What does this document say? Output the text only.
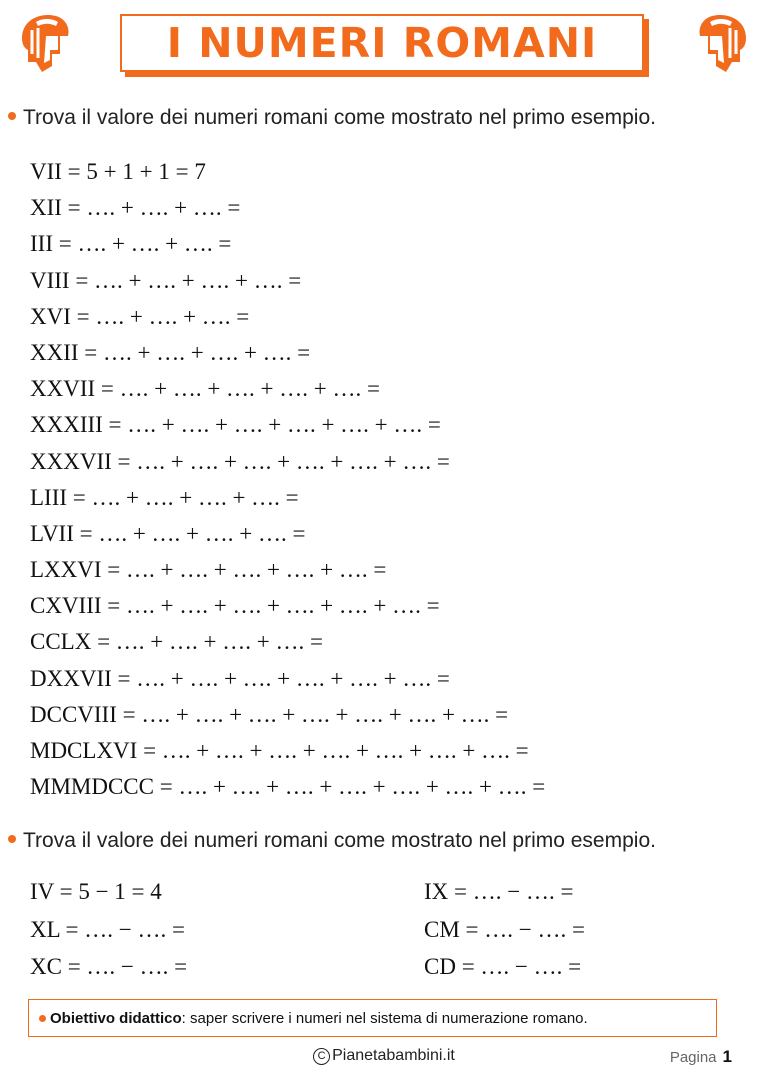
I NUMERI ROMANI
Trova il valore dei numeri romani come mostrato nel primo esempio.
VII = 5 + 1 + 1 = 7
XII = …. + …. + …. =
III = …. + …. + …. =
VIII = …. + …. + …. + …. =
XVI = …. + …. + …. =
XXII = …. + …. + …. + …. =
XXVII = …. + …. + …. + …. + …. =
XXXIII = …. + …. + …. + …. + …. + …. =
XXXVII = …. + …. + …. + …. + …. + …. =
LIII = …. + …. + …. + …. =
LVII = …. + …. + …. + …. =
LXXVI = …. + …. + …. + …. + …. =
CXVIII = …. + …. + …. + …. + …. + …. =
CCLX = …. + …. + …. + …. =
DXXVII = …. + …. + …. + …. + …. + …. =
DCCVIII = …. + …. + …. + …. + …. + …. + …. =
MDCLXVI = …. + …. + …. + …. + …. + …. + …. =
MMMDCCC = …. + …. + …. + …. + …. + …. + …. =
Trova il valore dei numeri romani come mostrato nel primo esempio.
IV = 5 − 1 = 4
XL = …. − …. =
XC = …. − …. =
IX = …. − …. =
CM = …. − …. =
CD = …. − …. =
Obiettivo didattico : saper scrivere i numeri nel sistema di numerazione romano.
C Pianetabambini.it	Pagina 1
